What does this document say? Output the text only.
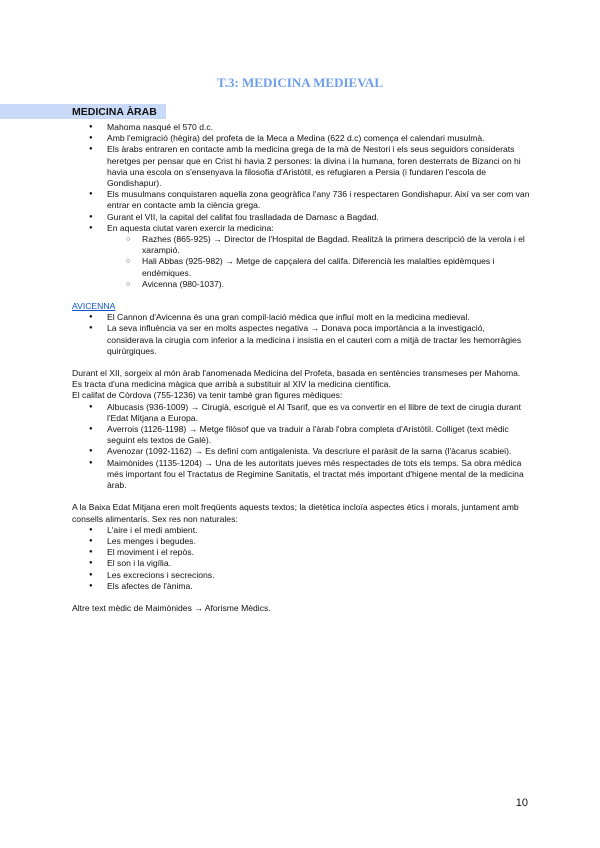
T.3: MEDICINA MEDIEVAL
MEDICINA ÀRAB
● Mahoma nasqué el 570 d.c.
● Amb l'emigració (hègira) del profeta de la Meca a Medina (622 d.c) comença el calendari musulmà.
● Els àrabs entraren en contacte amb la medicina grega de la mà de Nestori i els seus seguidors considerats heretges per pensar que en Crist hi havia 2 persones: la divina i la humana, foren desterrats de Bizanci on hi havia una escola on s'ensenyava la filosofia d'Aristòtil, es refugiaren a Persia (i fundaren l'escola de Gondishapur).
● Els musulmans conquistaren aquella zona geogràfica l'any 736 i respectaren Gondishapur. Així va ser com van entrar en contacte amb la ciència grega.
● Gurant el VII, la capital del califat fou traslladada de Damasc a Bagdad.
● En aquesta ciutat varen exercir la medicina:
○ Razhes (865-925) → Director de l'Hospital de Bagdad. Realitzà la primera descripció de la verola i el xarampió.
○ Hali Abbas (925-982) → Metge de capçalera del califa. Diferencià les malalties epidèmques i endèmiques.
○ Avicenna (980-1037).

AVICENNA

● El Cannon d'Avicenna és una gran compil·lació mèdica que influí molt en la medicina medieval.
● La seva influència va ser en molts aspectes negativa → Donava poca importància a la investigació, considerava la cirugia com inferior a la medicina i insistia en el cauteri com a mitjà de tractar les hemorràgies quirúrgiques.

Durant el XII, sorgeix al món àrab l'anomenada Medicina del Profeta, basada en sentències transmeses per Mahoma. Es tracta d'una medicina màgica que arribà a substituir al XIV la medicina científica.

El califat de Còrdova (755-1236) va tenir també gran figures mèdiques:

● Albucasis (936-1009) → Cirugià, escriguè el Al Tsarif, que es va convertir en el llibre de text de cirugia durant l'Edat Mitjana a Europa.
● Averrois (1126-1198) → Metge filòsof que va traduir a l'àrab l'obra completa d'Aristòtil. Colliget (text mèdic seguint els textos de Galè).
● Avenozar (1092-1162) → Es definí com antigalenista. Va descriure el paràsit de la sarna (l'àcarus scabiei).
● Maimònides (1135-1204) → Una de les autoritats jueves més respectades de tots els temps. Sa obra mèdica més important fou el Tractatus de Regimine Sanitatis, el tractat més important d'higene mental de la medicina àrab.

A la Baixa Edat Mitjana eren molt freqüents aquests textos; la dietètica incloïa aspectes ètics i morals, juntament amb consells alimentaris. Sex res non naturales:

● L'aire i el medi ambient.
● Les menges i begudes.
● El moviment i el repòs.
● El son i la vigília.
● Les excrecions i secrecions.
● Els afectes de l'ànima.

Altre text mèdic de Maimònides → Aforisme Mèdics.

10
